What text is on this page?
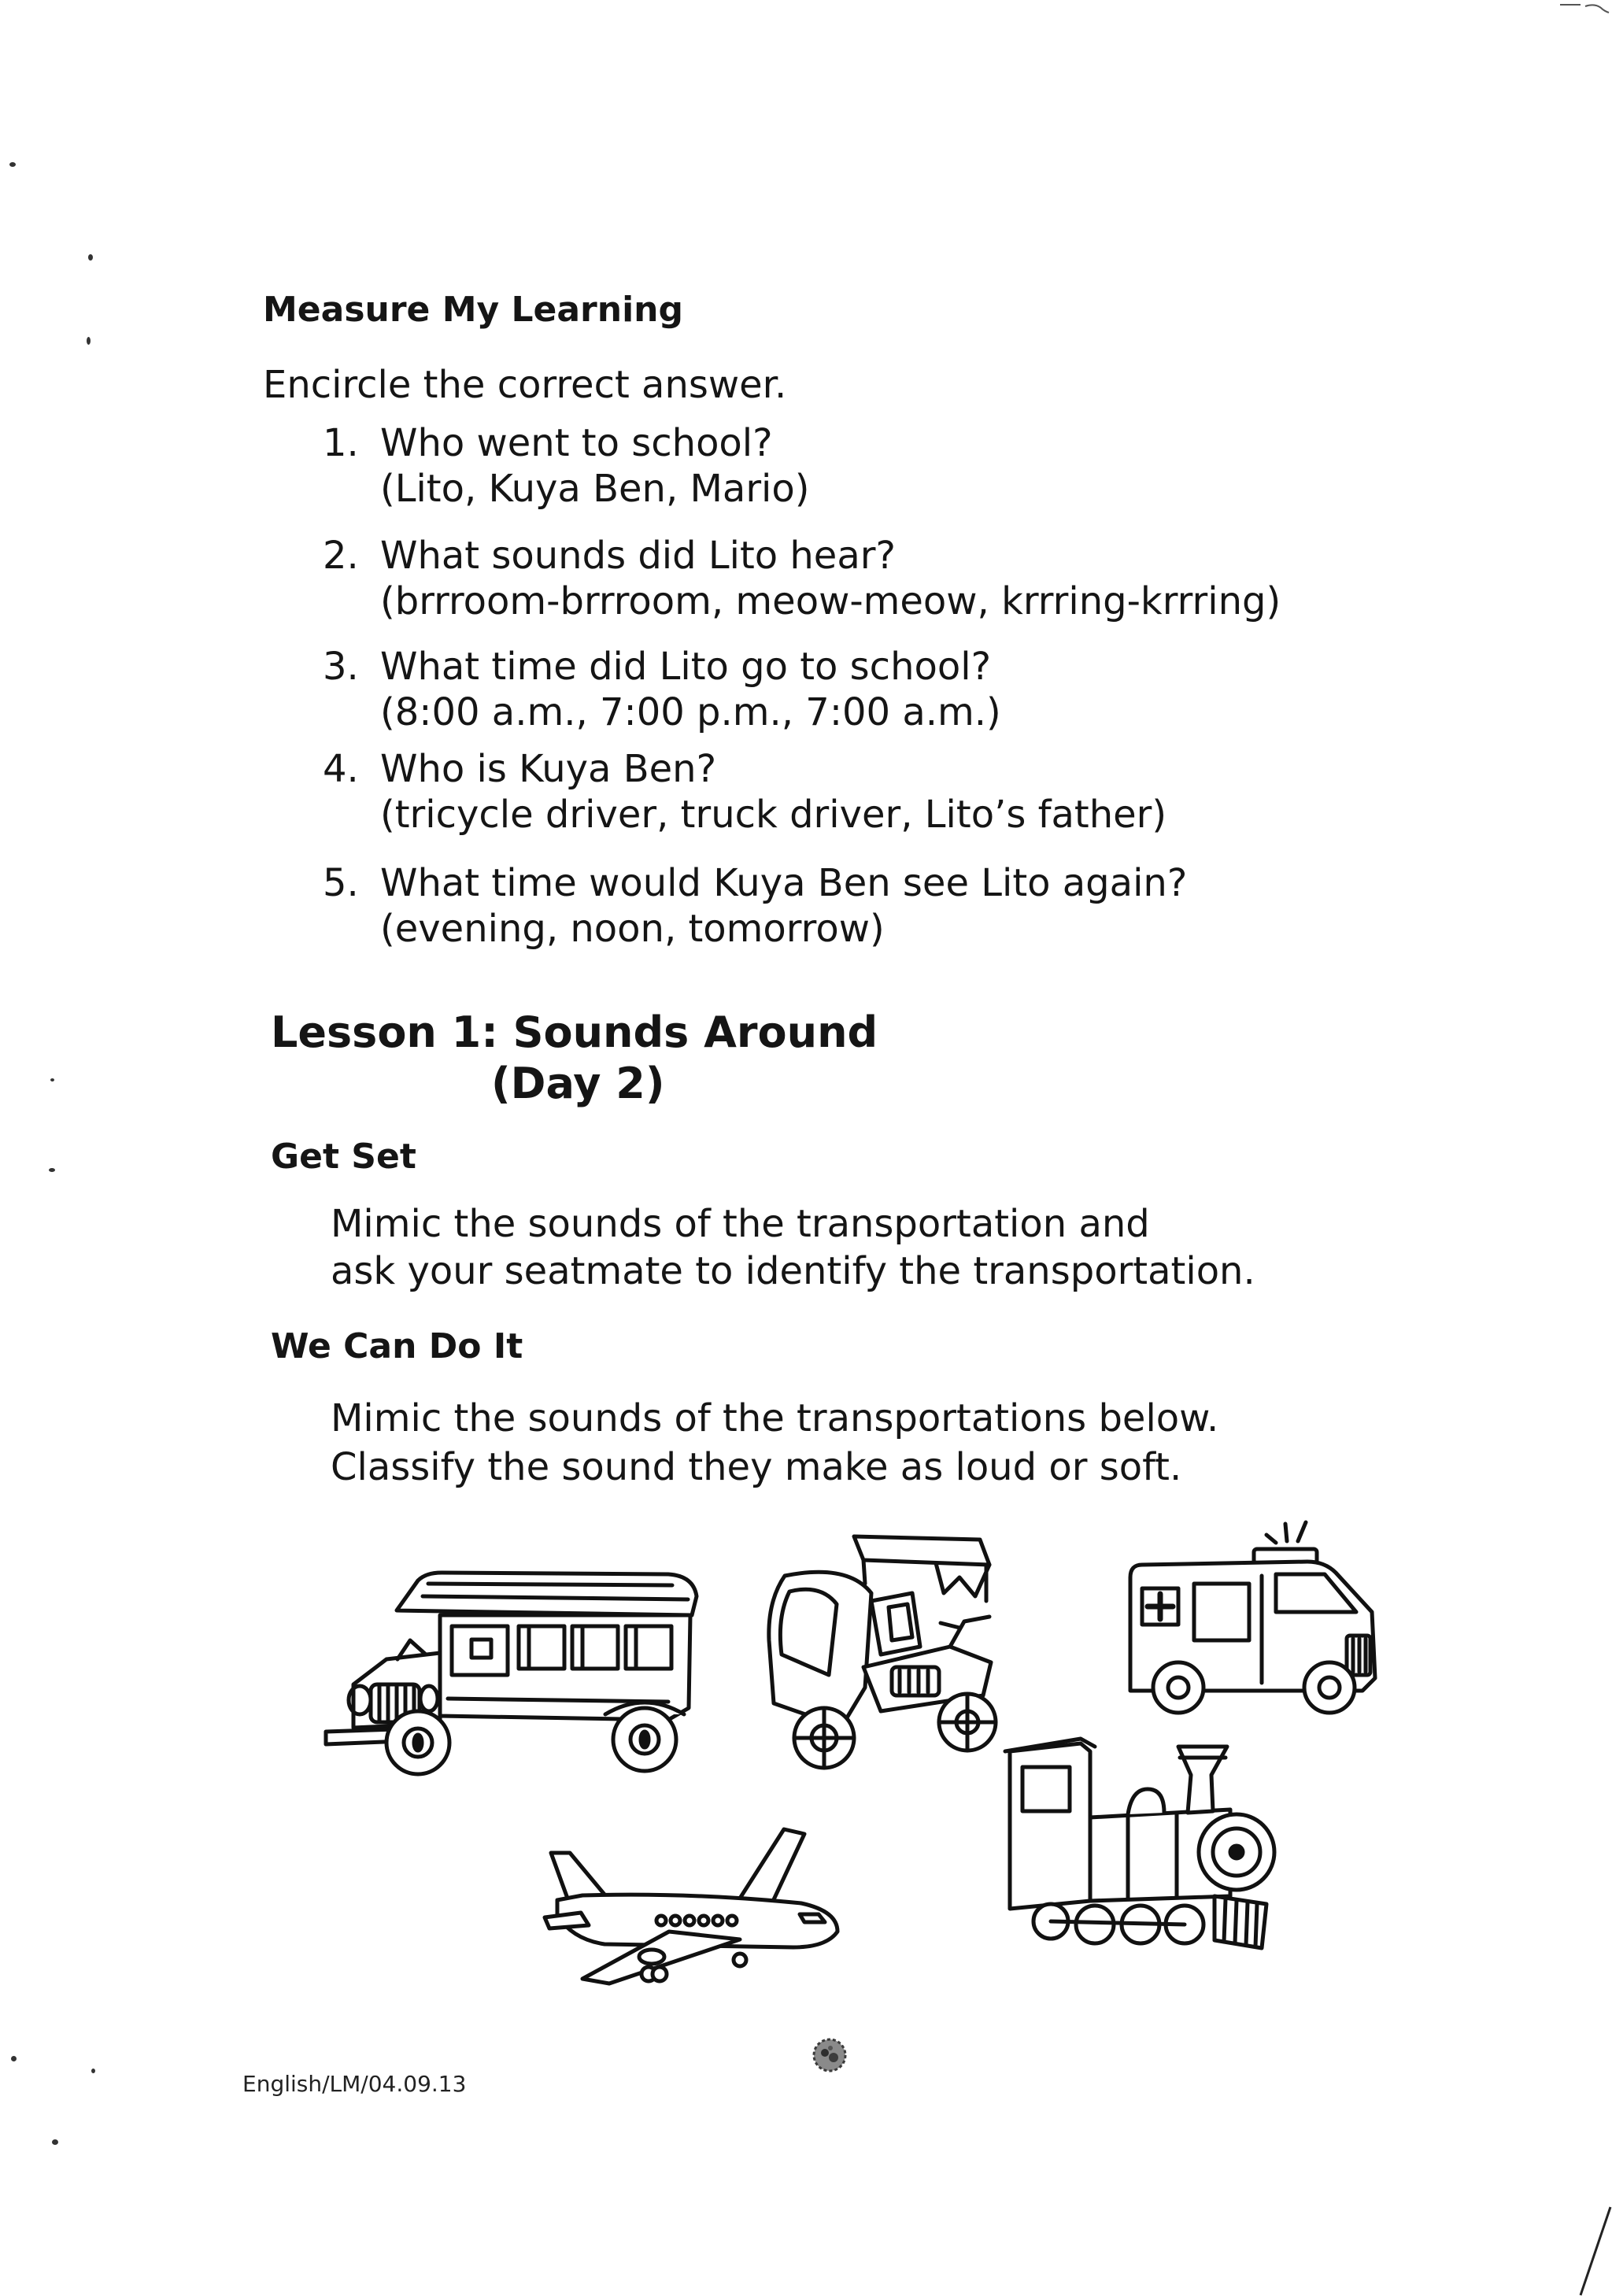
Measure My Learning
Encircle the correct answer.
1. Who went to school?
(Lito, Kuya Ben, Mario)
2. What sounds did Lito hear?
(brrroom-brrroom, meow-meow, krrring-krrring)
3. What time did Lito go to school?
(8:00 a.m., 7:00 p.m., 7:00 a.m.)
4. Who is Kuya Ben?
(tricycle driver, truck driver, Lito’s father)
5. What time would Kuya Ben see Lito again?
(evening, noon, tomorrow)
Lesson 1: Sounds Around
(Day 2)
Get Set
Mimic the sounds of the transportation and
ask your seatmate to identify the transportation.
We Can Do It
Mimic the sounds of the transportations below.
Classify the sound they make as loud or soft.
English/LM/04.09.13
